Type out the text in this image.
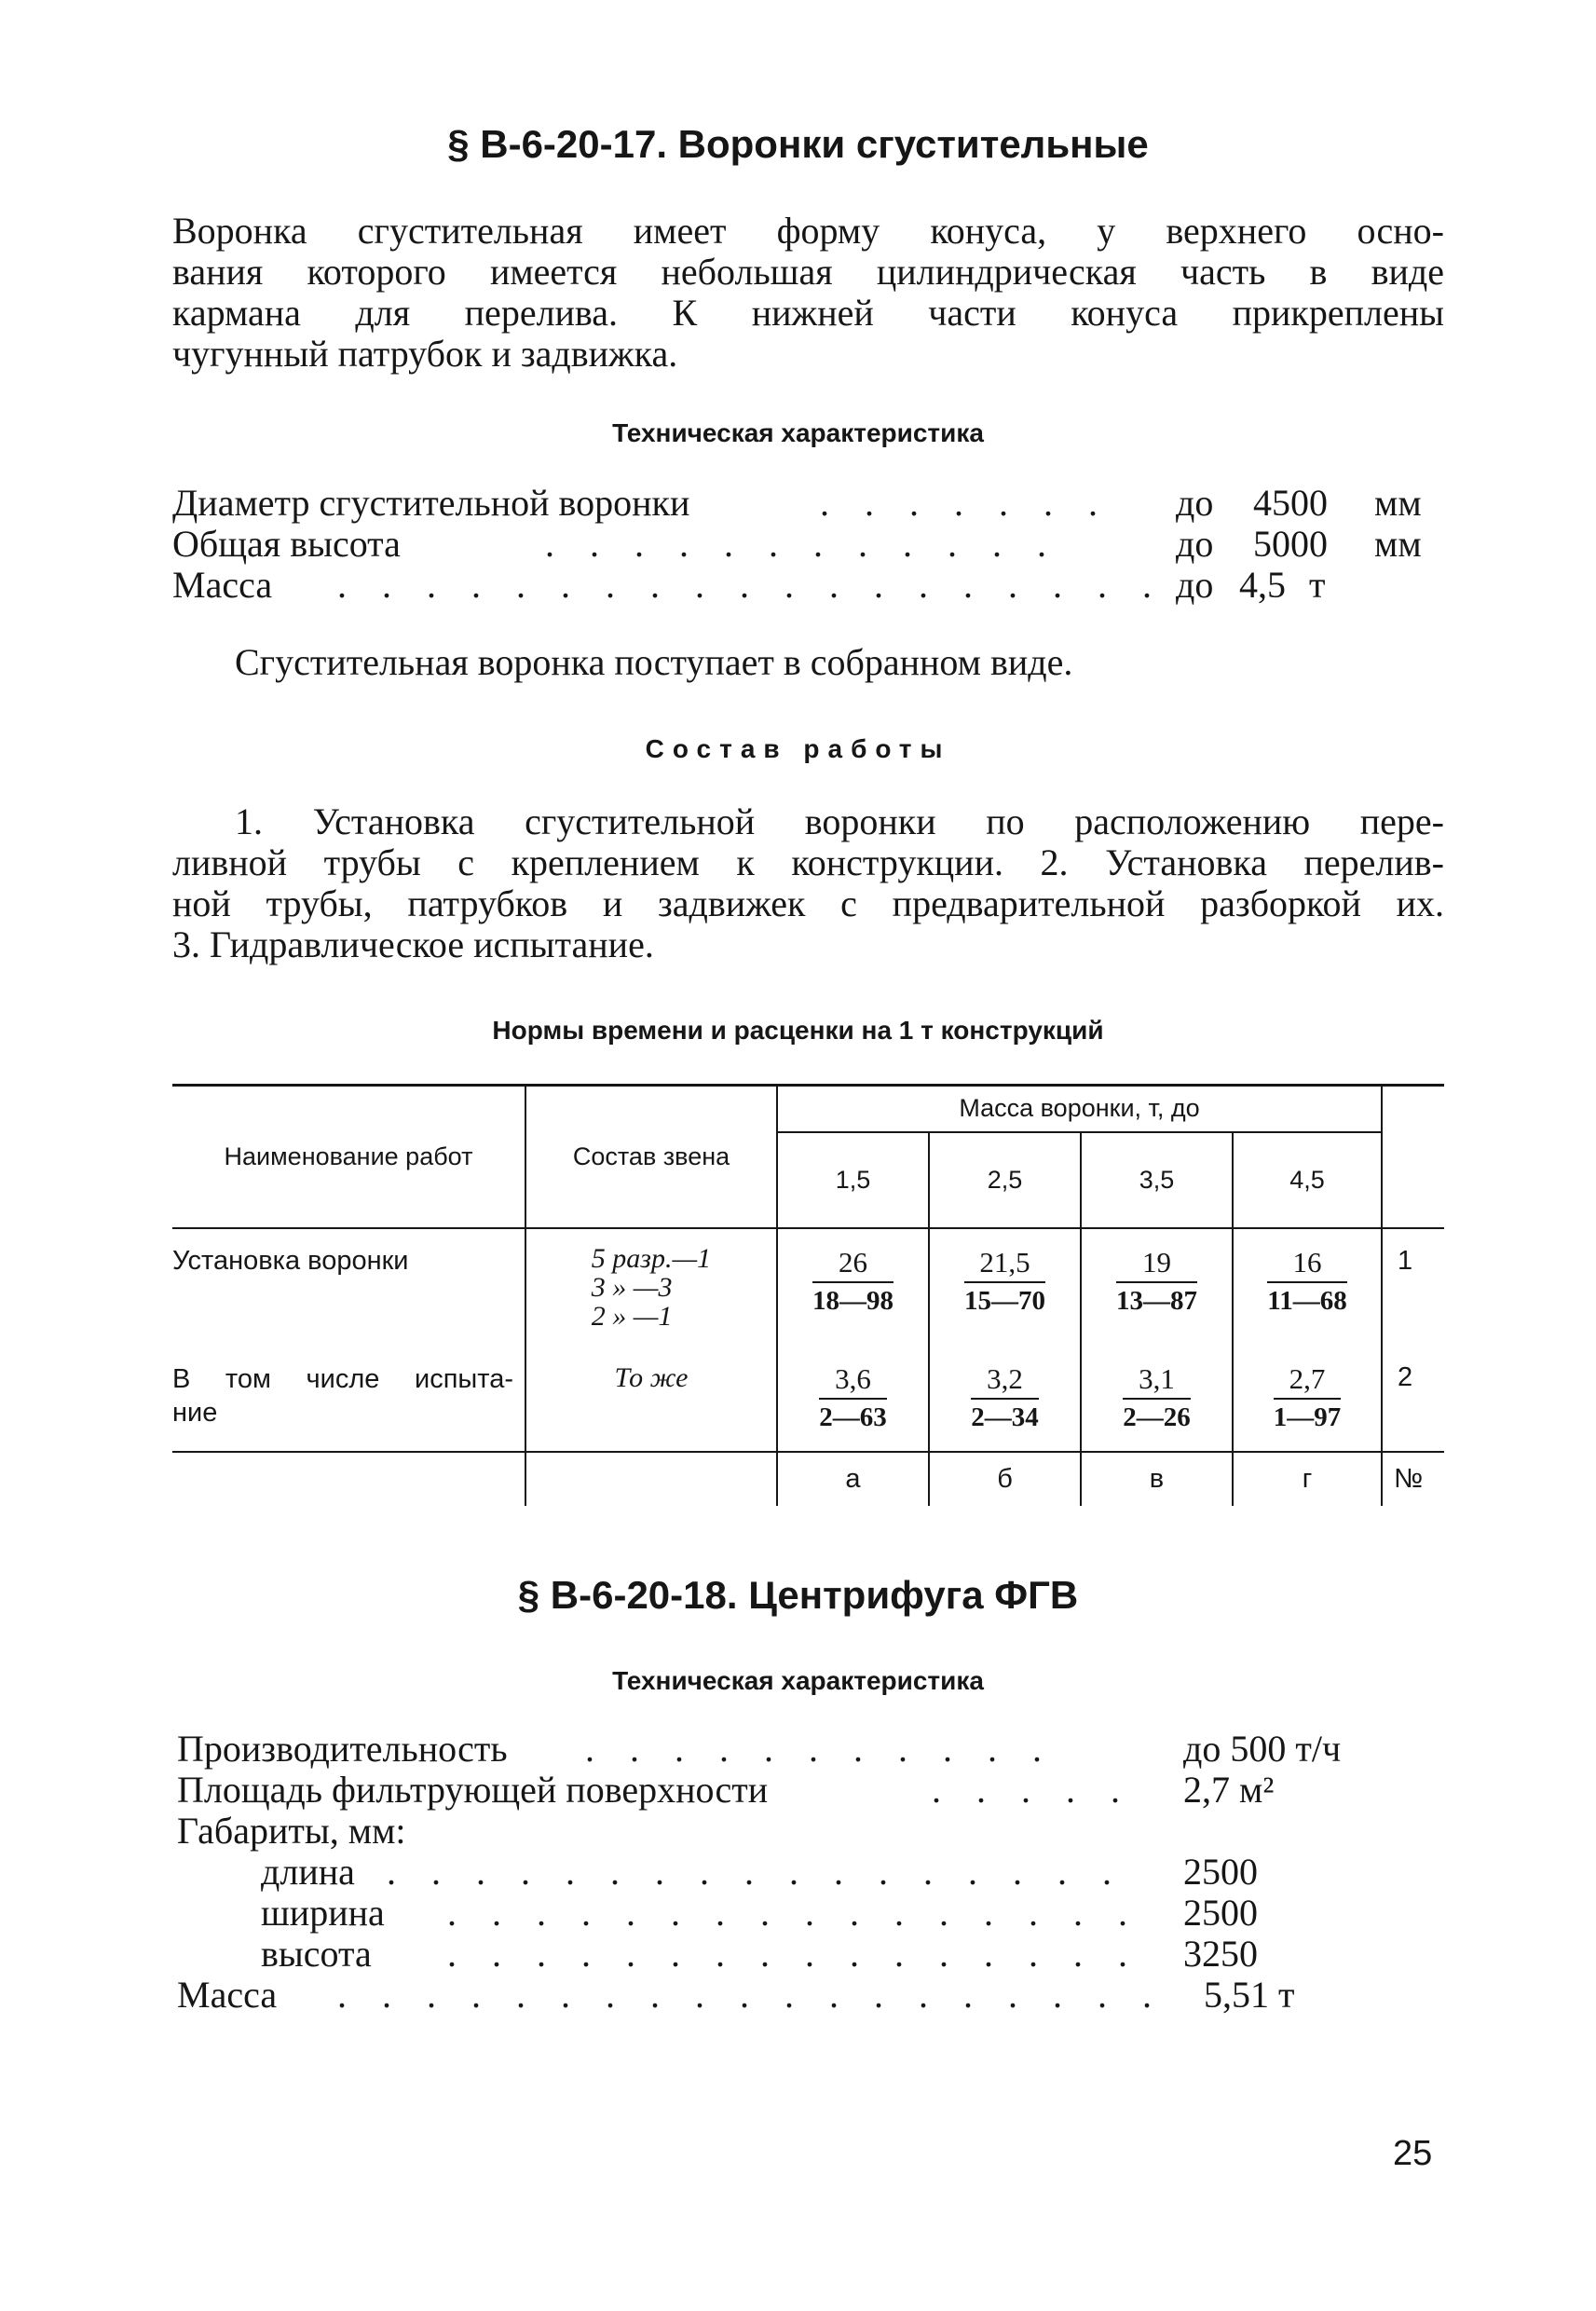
§ В-6-20-17. Воронки сгустительные
Воронка сгустительная имеет форму конуса, у верхнего осно-
вания которого имеется небольшая цилиндрическая часть в виде
кармана для перелива. К нижней части конуса прикреплены
чугунный патрубок и задвижка.
Техническая характеристика
Диаметр сгустительной воронки	. . . . . . . до 4500 мм
Общая высота	. . . . . . . . . . . .	до 5000 мм
Масса . . . . . . . . . . . . . . . . . . . до 4,5 т
Сгустительная воронка поступает в собранном виде.
Состав работы
1. Установка сгустительной воронки по расположению пере-
ливной трубы с креплением к конструкции. 2. Установка перелив-
ной трубы, патрубков и задвижек с предварительной разборкой их.
3. Гидравлическое испытание.
Нормы времени и расценки на 1 т конструкций
Наименование работ	Состав звена	Масса воронки, т, до				
		1,5	2,5	3,5	4,5	
Установка воронки	5 разр.—1
3 » —3
2 » —1	$\frac{26}{18—98}$	$\frac{21,5}{15—70}$	$\frac{19}{13—87}$	$\frac{16}{11—68}$	1

В том числе испыта-
ние	То же	$\frac{3,6}{2—63}$	$\frac{3,2}{2—34}$	$\frac{3,1}{2—26}$	$\frac{2,7}{1—97}$	2
		а	б	в	г	№
§ В-6-20-18. Центрифуга ФГВ
Техническая характеристика
Производительность . . . . . . . . . . .	до 500 т/ч
Площадь фильтрующей поверхности	. . . . . 2,7 м²
Габариты, мм:
длина . . . . . . . . . . . . . . . . . 2500
ширина . . . . . . . . . . . . . . . . 2500
высота . . . . . . . . . . . . . . . . 3250
Масса . . . . . . . . . . . . . . . . . . . 5,51 т
25
